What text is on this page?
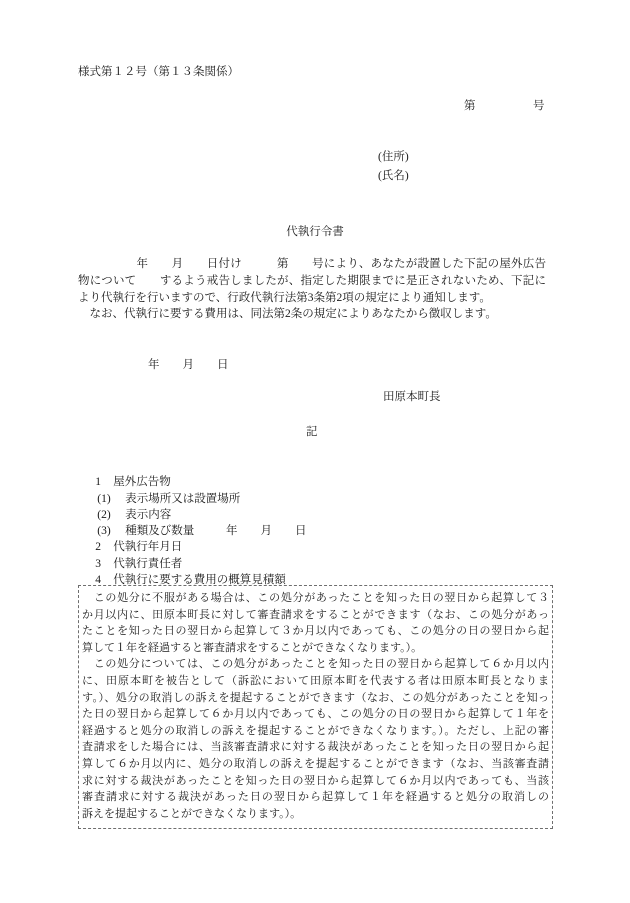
様式第１２号（第１３条関係）
第　　　　　号
(住所)
(氏名)
代執行令書
　　　　　年　　月　　日付け　　　第　　号により、あなたが設置した下記の屋外広告
物について　　するよう戒告しましたが、指定した期限までに是正されないため、下記に
より代執行を行いますので、行政代執行法第3条第2項の規定により通知します。
　なお、代執行に要する費用は、同法第2条の規定によりあなたから徴収します。
年　　月　　日
田原本町長
記

1 屋外広告物

(1) 表示場所又は設置場所

(2) 表示内容

(3) 種類及び数量

2 代執行年月日

年　　月　　日

3 代執行責任者

4 代執行に要する費用の概算見積額

　この処分に不服がある場合は、この処分があったことを知った日の翌日から起算して３
か月以内に、田原本町長に対して審査請求をすることができます（なお、この処分があっ
たことを知った日の翌日から起算して３か月以内であっても、この処分の日の翌日から起
算して１年を経過すると審査請求をすることができなくなります。）。
　この処分については、この処分があったことを知った日の翌日から起算して６か月以内
に、田原本町を被告として（訴訟において田原本町を代表する者は田原本町長となりま
す。）、処分の取消しの訴えを提起することができます（なお、この処分があったことを知っ
た日の翌日から起算して６か月以内であっても、この処分の日の翌日から起算して１年を
経過すると処分の取消しの訴えを提起することができなくなります。）。ただし、上記の審
査請求をした場合には、当該審査請求に対する裁決があったことを知った日の翌日から起
算して６か月以内に、処分の取消しの訴えを提起することができます（なお、当該審査請
求に対する裁決があったことを知った日の翌日から起算して６か月以内であっても、当該
審査請求に対する裁決があった日の翌日から起算して１年を経過すると処分の取消しの
訴えを提起することができなくなります。）。
